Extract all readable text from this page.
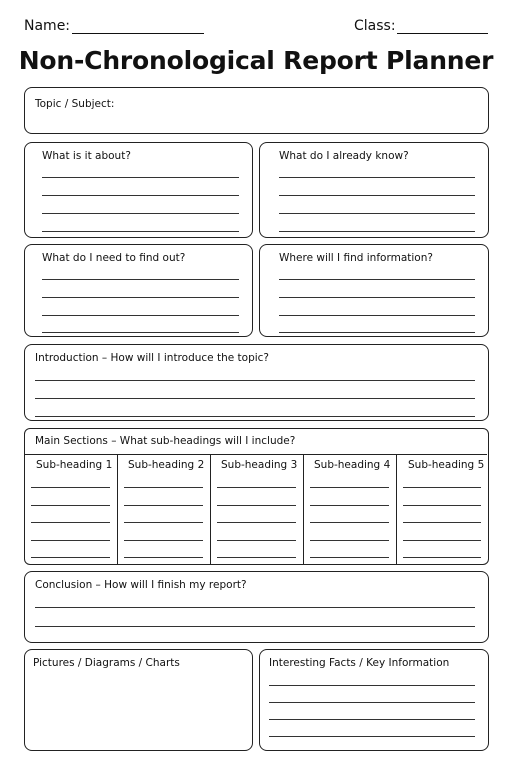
Name:	Class:
Non-Chronological Report Planner
Topic / Subject:
What is it about?	What do I already know?
What do I need to find out?	Where will I find information?
Introduction – How will I introduce the topic?
Main Sections – What sub-headings will I include?
Sub-heading 1 Sub-heading 2 Sub-heading 3 Sub-heading 4 Sub-heading 5
Conclusion – How will I finish my report?
Pictures / Diagrams / Charts	Interesting Facts / Key Information
